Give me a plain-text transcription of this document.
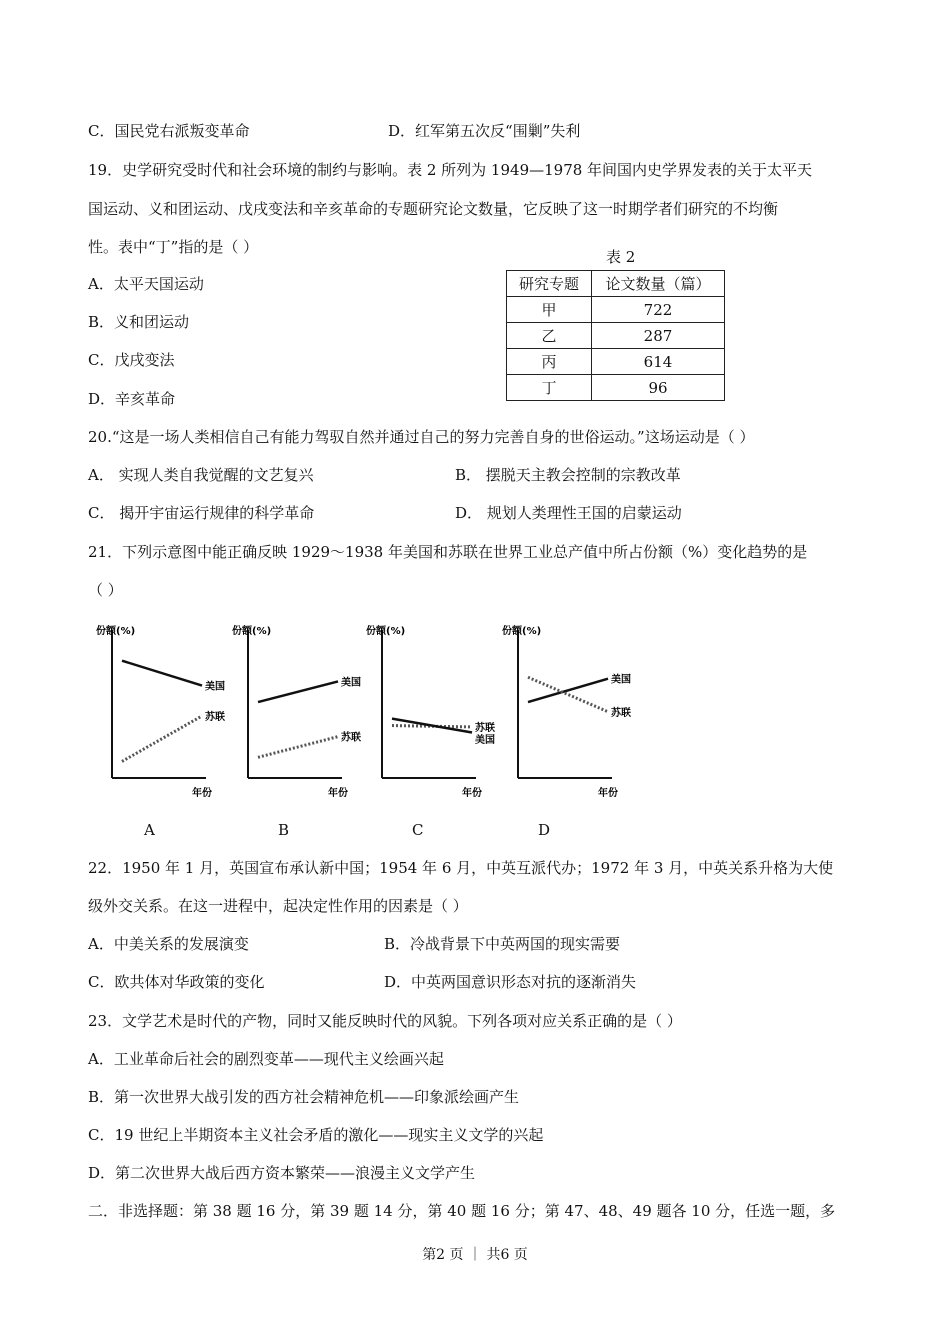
C．国民党右派叛变革命	D．红军第五次反“围剿”失利
19．史学研究受时代和社会环境的制约与影响。表 2 所列为 1949—1978 年间国内史学界发表的关于太平天
国运动、义和团运动、戊戌变法和辛亥革命的专题研究论文数量，它反映了这一时期学者们研究的不均衡
性。表中“丁”指的是（ ）
A．太平天国运动
B．义和团运动
C．戊戌变法
D．辛亥革命
表 2
研究专题	论文数量（篇）
甲	722
乙	287
丙	614
丁	96
20.“这是一场人类相信自己有能力驾驭自然并通过自己的努力完善自身的世俗运动。”这场运动是（ ）
A． 实现人类自我觉醒的文艺复兴	B． 摆脱天主教会控制的宗教改革
C． 揭开宇宙运行规律的科学革命	D． 规划人类理性王国的启蒙运动
21．下列示意图中能正确反映 1929～1938 年美国和苏联在世界工业总产值中所占份额（%）变化趋势的是
（ ）
份额(%)
年份
美国
苏联
份额(%)
年份
美国
苏联
份额(%)
年份
苏联
美国
份额(%)
年份
美国
苏联
A	B	C	D
22．1950 年 1 月，英国宣布承认新中国；1954 年 6 月，中英互派代办；1972 年 3 月，中英关系升格为大使
级外交关系。在这一进程中，起决定性作用的因素是（ ）
A．中美关系的发展演变	B．冷战背景下中英两国的现实需要
C．欧共体对华政策的变化	D．中英两国意识形态对抗的逐渐消失
23．文学艺术是时代的产物，同时又能反映时代的风貌。下列各项对应关系正确的是（ ）
A．工业革命后社会的剧烈变革——现代主义绘画兴起
B．第一次世界大战引发的西方社会精神危机——印象派绘画产生
C．19 世纪上半期资本主义社会矛盾的激化——现实主义文学的兴起
D．第二次世界大战后西方资本繁荣——浪漫主义文学产生
二．非选择题：第 38 题 16 分，第 39 题 14 分，第 40 题 16 分；第 47、48、49 题各 10 分，任选一题，多
第2 页 ｜ 共6 页
